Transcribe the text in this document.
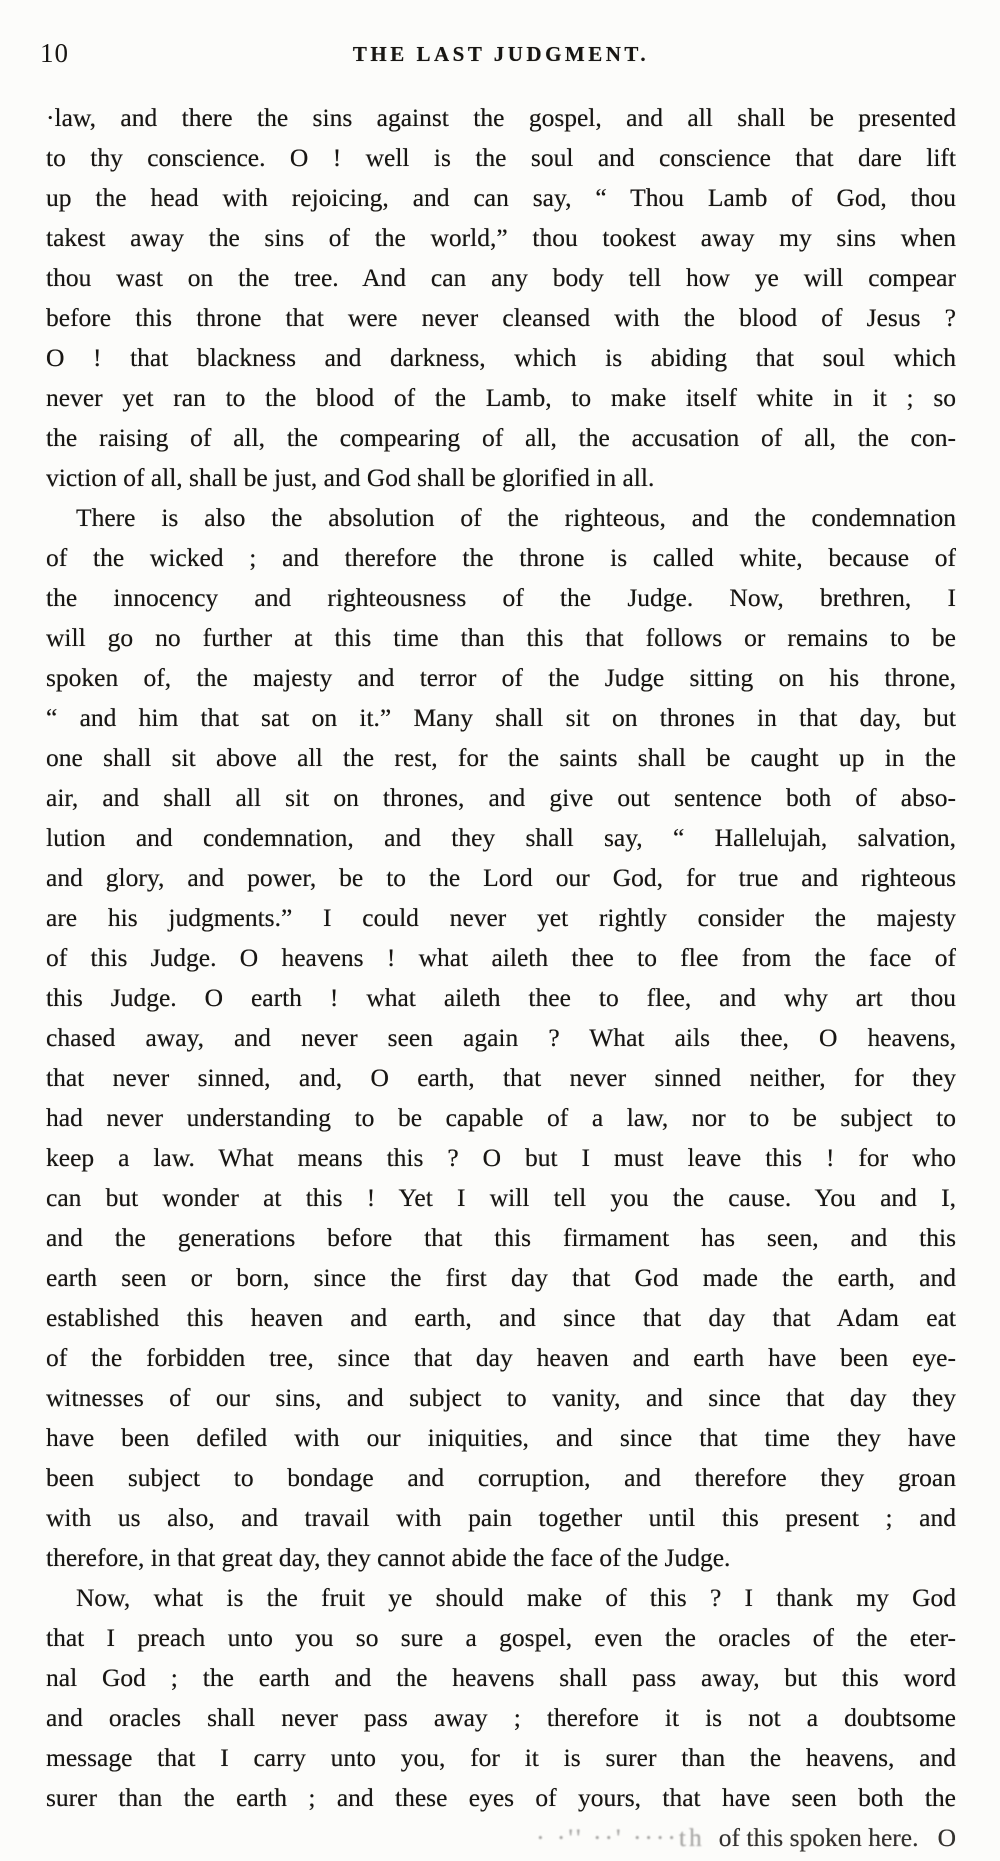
10	THE LAST JUDGMENT.
·law, and there the sins against the gospel, and all shall be presented
to thy conscience. O ! well is the soul and conscience that dare lift
up the head with rejoicing, and can say, “ Thou Lamb of God, thou
takest away the sins of the world,” thou tookest away my sins when
thou wast on the tree. And can any body tell how ye will compear
before this throne that were never cleansed with the blood of Jesus ?
O ! that blackness and darkness, which is abiding that soul which
never yet ran to the blood of the Lamb, to make itself white in it ; so
the raising of all, the compearing of all, the accusation of all, the con-
viction of all, shall be just, and God shall be glorified in all.
There is also the absolution of the righteous, and the condemnation
of the wicked ; and therefore the throne is called white, because of
the innocency and righteousness of the Judge. Now, brethren, I
will go no further at this time than this that follows or remains to be
spoken of, the majesty and terror of the Judge sitting on his throne,
“ and him that sat on it.” Many shall sit on thrones in that day, but
one shall sit above all the rest, for the saints shall be caught up in the
air, and shall all sit on thrones, and give out sentence both of abso-
lution and condemnation, and they shall say, “ Hallelujah, salvation,
and glory, and power, be to the Lord our God, for true and righteous
are his judgments.” I could never yet rightly consider the majesty
of this Judge. O heavens ! what aileth thee to flee from the face of
this Judge. O earth ! what aileth thee to flee, and why art thou
chased away, and never seen again ? What ails thee, O heavens,
that never sinned, and, O earth, that never sinned neither, for they
had never understanding to be capable of a law, nor to be subject to
keep a law. What means this ? O but I must leave this ! for who
can but wonder at this ! Yet I will tell you the cause. You and I,
and the generations before that this firmament has seen, and this
earth seen or born, since the first day that God made the earth, and
established this heaven and earth, and since that day that Adam eat
of the forbidden tree, since that day heaven and earth have been eye-
witnesses of our sins, and subject to vanity, and since that day they
have been defiled with our iniquities, and since that time they have
been subject to bondage and corruption, and therefore they groan
with us also, and travail with pain together until this present ; and
therefore, in that great day, they cannot abide the face of the Judge.
Now, what is the fruit ye should make of this ? I thank my God
that I preach unto you so sure a gospel, even the oracles of the eter-
nal God ; the earth and the heavens shall pass away, but this word
and oracles shall never pass away ; therefore it is not a doubtsome
message that I carry unto you, for it is surer than the heavens, and
surer than the earth ; and these eyes of yours, that have seen both the
· ·'' ··' ····th of this spoken here.   O
